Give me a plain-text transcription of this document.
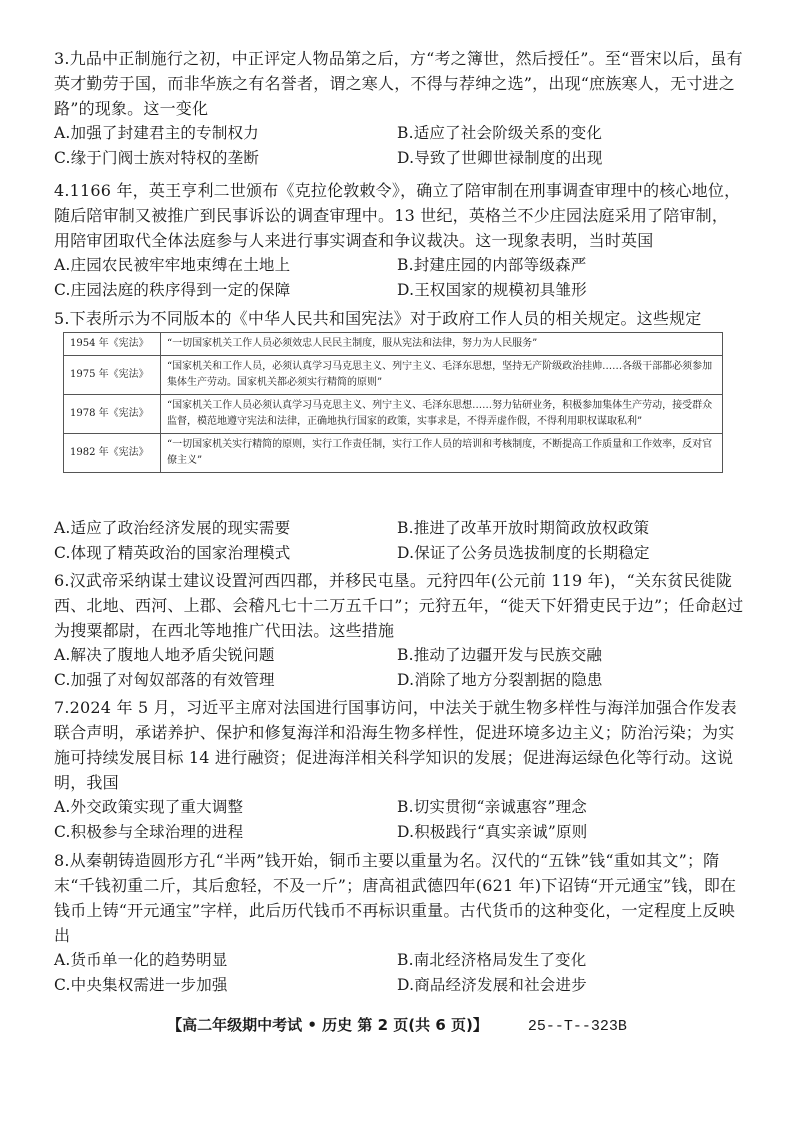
3.九品中正制施行之初，中正评定人物品第之后，方“考之簿世，然后授任”。至“晋宋以后，虽有英才勤劳于国，而非华族之有名誉者，谓之寒人，不得与荐绅之选”，出现“庶族寒人，无寸进之路”的现象。这一变化

A.加强了封建君主的专制权力	B.适应了社会阶级关系的变化
C.缘于门阀士族对特权的垄断	D.导致了世卿世禄制度的出现

4.1166 年，英王亨利二世颁布《克拉伦敦敕令》，确立了陪审制在刑事调查审理中的核心地位，随后陪审制又被推广到民事诉讼的调查审理中。13 世纪，英格兰不少庄园法庭采用了陪审制，用陪审团取代全体法庭参与人来进行事实调查和争议裁决。这一现象表明，当时英国

A.庄园农民被牢牢地束缚在土地上	B.封建庄园的内部等级森严
C.庄园法庭的秩序得到一定的保障	D.王权国家的规模初具雏形

5.下表所示为不同版本的《中华人民共和国宪法》对于政府工作人员的相关规定。这些规定

1954 年《宪法》	“一切国家机关工作人员必须效忠人民民主制度，服从宪法和法律，努力为人民服务”
1975 年《宪法》	“国家机关和工作人员，必须认真学习马克思主义、列宁主义、毛泽东思想，坚持无产阶级政治挂帅……各级干部都必须参加集体生产劳动。国家机关都必须实行精简的原则”
1978 年《宪法》	“国家机关工作人员必须认真学习马克思主义、列宁主义、毛泽东思想……努力钻研业务，积极参加集体生产劳动，接受群众监督，模范地遵守宪法和法律，正确地执行国家的政策，实事求是，不得弄虚作假，不得利用职权谋取私利”
1982 年《宪法》	“一切国家机关实行精简的原则，实行工作责任制，实行工作人员的培训和考核制度，不断提高工作质量和工作效率，反对官僚主义”
A.适应了政治经济发展的现实需要	B.推进了改革开放时期简政放权政策
C.体现了精英政治的国家治理模式	D.保证了公务员选拔制度的长期稳定

6.汉武帝采纳谋士建议设置河西四郡，并移民屯垦。元狩四年(公元前 119 年)，“关东贫民徙陇西、北地、西河、上郡、会稽凡七十二万五千口”；元狩五年，“徙天下奸猾吏民于边”；任命赵过为搜粟都尉，在西北等地推广代田法。这些措施

A.解决了腹地人地矛盾尖锐问题	B.推动了边疆开发与民族交融
C.加强了对匈奴部落的有效管理	D.消除了地方分裂割据的隐患

7.2024 年 5 月，习近平主席对法国进行国事访问，中法关于就生物多样性与海洋加强合作发表联合声明，承诺养护、保护和修复海洋和沿海生物多样性，促进环境多边主义；防治污染；为实施可持续发展目标 14 进行融资；促进海洋相关科学知识的发展；促进海运绿色化等行动。这说明，我国

A.外交政策实现了重大调整	B.切实贯彻“亲诚惠容”理念
C.积极参与全球治理的进程	D.积极践行“真实亲诚”原则

8.从秦朝铸造圆形方孔“半两”钱开始，铜币主要以重量为名。汉代的“五铢”钱“重如其文”；隋末“千钱初重二斤，其后愈轻，不及一斤”；唐高祖武德四年(621 年)下诏铸“开元通宝”钱，即在钱币上铸“开元通宝”字样，此后历代钱币不再标识重量。古代货币的这种变化，一定程度上反映出

A.货币单一化的趋势明显	B.南北经济格局发生了变化
C.中央集权需进一步加强	D.商品经济发展和社会进步
【高二年级期中考试 • 历史 第 2 页(共 6 页)】	25--T--323B
